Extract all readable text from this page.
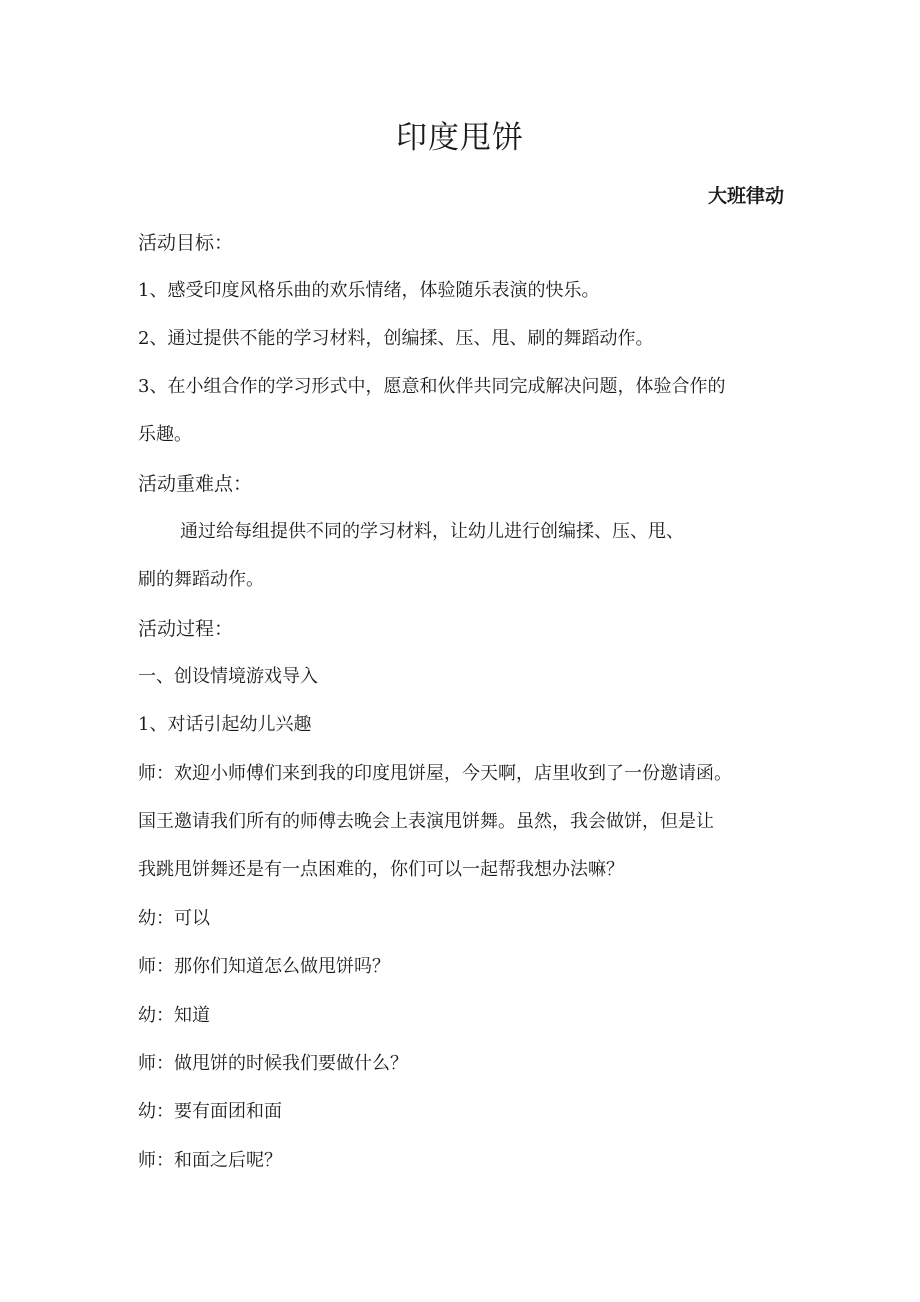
印度甩饼
大班律动
活动目标：
1、感受印度风格乐曲的欢乐情绪，体验随乐表演的快乐。
2、通过提供不能的学习材料，创编揉、压、甩、刷的舞蹈动作。
3、在小组合作的学习形式中，愿意和伙伴共同完成解决问题，体验合作的
乐趣。
活动重难点：
通过给每组提供不同的学习材料，让幼儿进行创编揉、压、甩、
刷的舞蹈动作。
活动过程：
一、创设情境游戏导入
1、对话引起幼儿兴趣
师：欢迎小师傅们来到我的印度甩饼屋，今天啊，店里收到了一份邀请函。
国王邀请我们所有的师傅去晚会上表演甩饼舞。虽然，我会做饼，但是让
我跳甩饼舞还是有一点困难的，你们可以一起帮我想办法嘛？
幼：可以
师：那你们知道怎么做甩饼吗？
幼：知道
师：做甩饼的时候我们要做什么？
幼：要有面团和面
师：和面之后呢？
